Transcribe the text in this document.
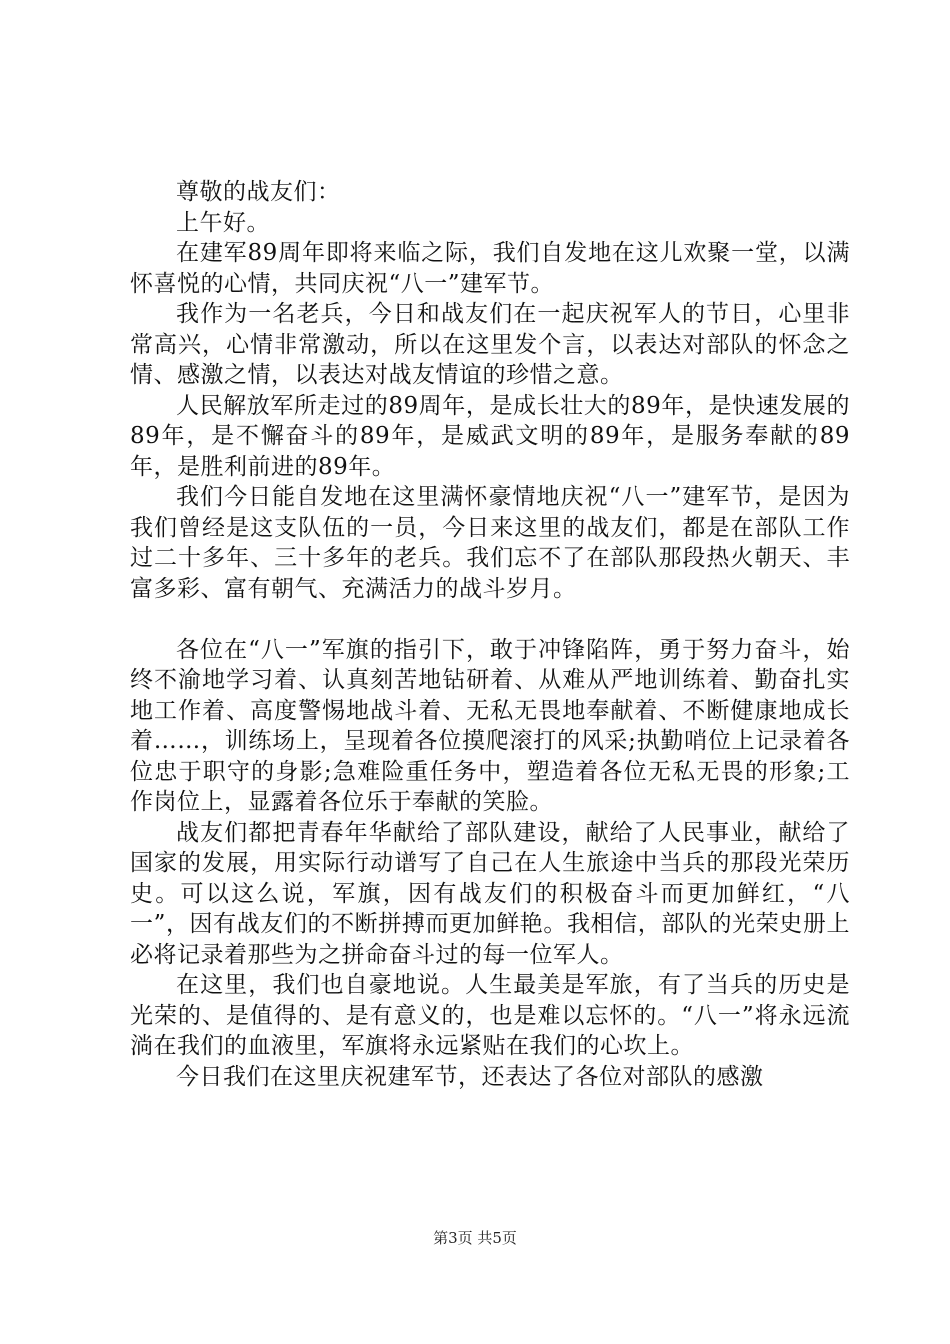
尊敬的战友们：

上午好。

在建军89周年即将来临之际，我们自发地在这儿欢聚一堂，以满怀喜悦的心情，共同庆祝“八一”建军节。

我作为一名老兵，今日和战友们在一起庆祝军人的节日，心里非常高兴，心情非常激动，所以在这里发个言，以表达对部队的怀念之情、感激之情，以表达对战友情谊的珍惜之意。

人民解放军所走过的89周年，是成长壮大的89年，是快速发展的89年，是不懈奋斗的89年，是威武文明的89年，是服务奉献的89年，是胜利前进的89年。

我们今日能自发地在这里满怀豪情地庆祝“八一”建军节，是因为我们曾经是这支队伍的一员，今日来这里的战友们，都是在部队工作过二十多年、三十多年的老兵。我们忘不了在部队那段热火朝天、丰富多彩、富有朝气、充满活力的战斗岁月。

各位在“八一”军旗的指引下，敢于冲锋陷阵，勇于努力奋斗，始终不渝地学习着、认真刻苦地钻研着、从难从严地训练着、勤奋扎实地工作着、高度警惕地战斗着、无私无畏地奉献着、不断健康地成长着……，训练场上，呈现着各位摸爬滚打的风采;执勤哨位上记录着各位忠于职守的身影;急难险重任务中，塑造着各位无私无畏的形象;工作岗位上，显露着各位乐于奉献的笑脸。

战友们都把青春年华献给了部队建设，献给了人民事业，献给了国家的发展，用实际行动谱写了自己在人生旅途中当兵的那段光荣历史。可以这么说，军旗，因有战友们的积极奋斗而更加鲜红，“八一”，因有战友们的不断拼搏而更加鲜艳。我相信，部队的光荣史册上必将记录着那些为之拼命奋斗过的每一位军人。

在这里，我们也自豪地说。人生最美是军旅，有了当兵的历史是光荣的、是值得的、是有意义的，也是难以忘怀的。“八一”将永远流淌在我们的血液里，军旗将永远紧贴在我们的心坎上。

今日我们在这里庆祝建军节，还表达了各位对部队的感激

第3页 共5页
